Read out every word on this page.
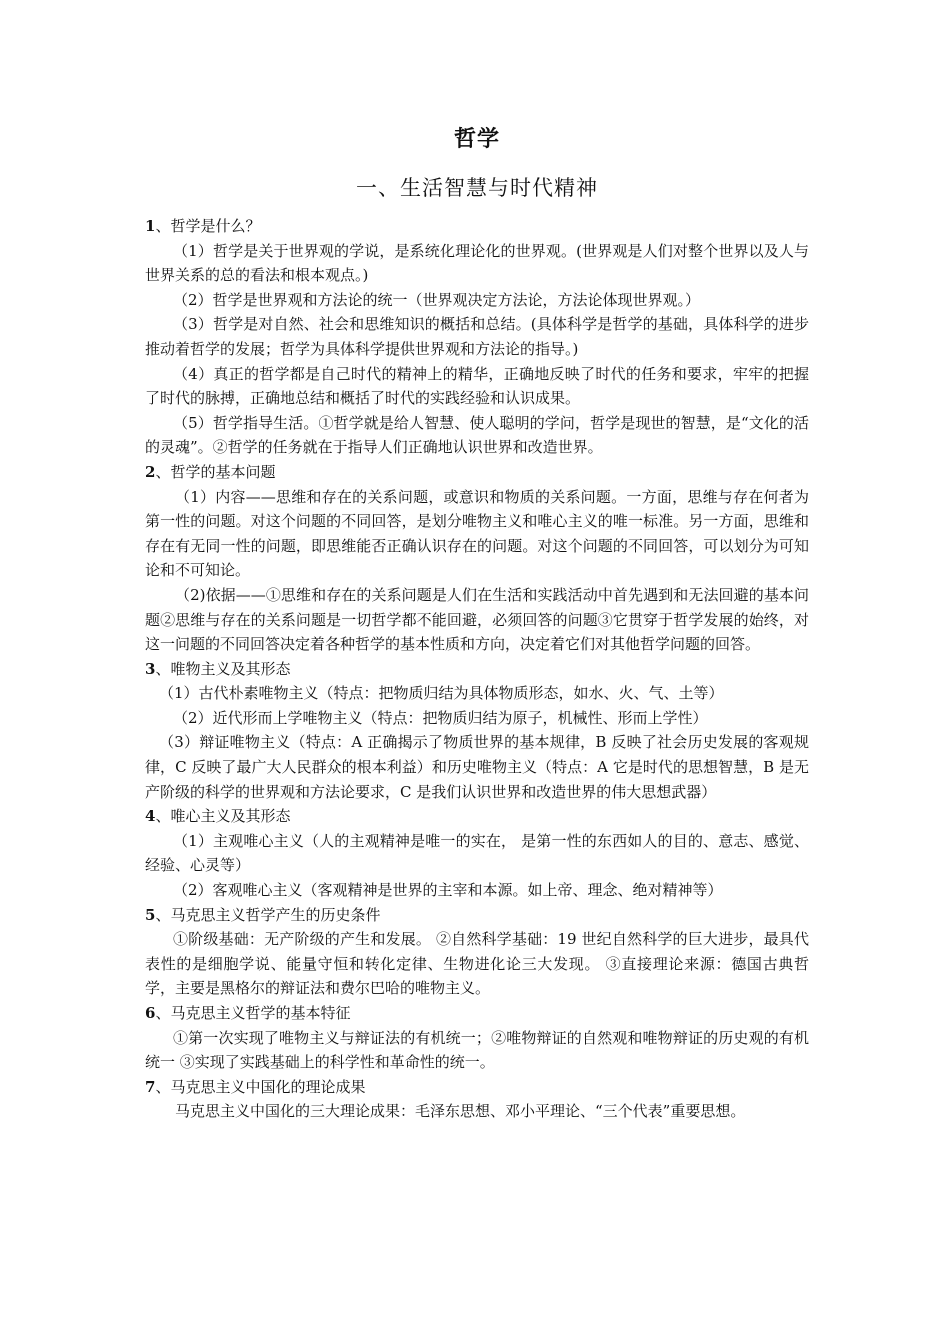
哲学
一、生活智慧与时代精神

1、哲学是什么？

（1）哲学是关于世界观的学说，是系统化理论化的世界观。(世界观是人们对整个世界以及人与世界关系的总的看法和根本观点。)

（2）哲学是世界观和方法论的统一（世界观决定方法论，方法论体现世界观。）

（3）哲学是对自然、社会和思维知识的概括和总结。(具体科学是哲学的基础，具体科学的进步推动着哲学的发展；哲学为具体科学提供世界观和方法论的指导。)

（4）真正的哲学都是自己时代的精神上的精华，正确地反映了时代的任务和要求，牢牢的把握了时代的脉搏，正确地总结和概括了时代的实践经验和认识成果。

（5）哲学指导生活。①哲学就是给人智慧、使人聪明的学问，哲学是现世的智慧，是“文化的活的灵魂”。②哲学的任务就在于指导人们正确地认识世界和改造世界。

2、哲学的基本问题

（1）内容——思维和存在的关系问题，或意识和物质的关系问题。一方面，思维与存在何者为第一性的问题。对这个问题的不同回答，是划分唯物主义和唯心主义的唯一标准。另一方面，思维和存在有无同一性的问题，即思维能否正确认识存在的问题。对这个问题的不同回答，可以划分为可知论和不可知论。

（2)依据——①思维和存在的关系问题是人们在生活和实践活动中首先遇到和无法回避的基本问题②思维与存在的关系问题是一切哲学都不能回避，必须回答的问题③它贯穿于哲学发展的始终，对这一问题的不同回答决定着各种哲学的基本性质和方向，决定着它们对其他哲学问题的回答。

3、唯物主义及其形态

（1）古代朴素唯物主义（特点：把物质归结为具体物质形态，如水、火、气、土等）

（2）近代形而上学唯物主义（特点：把物质归结为原子，机械性、形而上学性）

（3）辩证唯物主义（特点：A 正确揭示了物质世界的基本规律，B 反映了社会历史发展的客观规律，C 反映了最广大人民群众的根本利益）和历史唯物主义（特点：A 它是时代的思想智慧，B 是无产阶级的科学的世界观和方法论要求，C 是我们认识世界和改造世界的伟大思想武器）

4、唯心主义及其形态

（1）主观唯心主义（人的主观精神是唯一的实在， 是第一性的东西如人的目的、意志、感觉、经验、心灵等）

（2）客观唯心主义（客观精神是世界的主宰和本源。如上帝、理念、绝对精神等）

5、马克思主义哲学产生的历史条件

①阶级基础：无产阶级的产生和发展。 ②自然科学基础：19 世纪自然科学的巨大进步，最具代表性的是细胞学说、能量守恒和转化定律、生物进化论三大发现。 ③直接理论来源：德国古典哲学，主要是黑格尔的辩证法和费尔巴哈的唯物主义。

6、马克思主义哲学的基本特征

①第一次实现了唯物主义与辩证法的有机统一；②唯物辩证的自然观和唯物辩证的历史观的有机统一 ③实现了实践基础上的科学性和革命性的统一。

7、马克思主义中国化的理论成果

马克思主义中国化的三大理论成果：毛泽东思想、邓小平理论、“三个代表”重要思想。
